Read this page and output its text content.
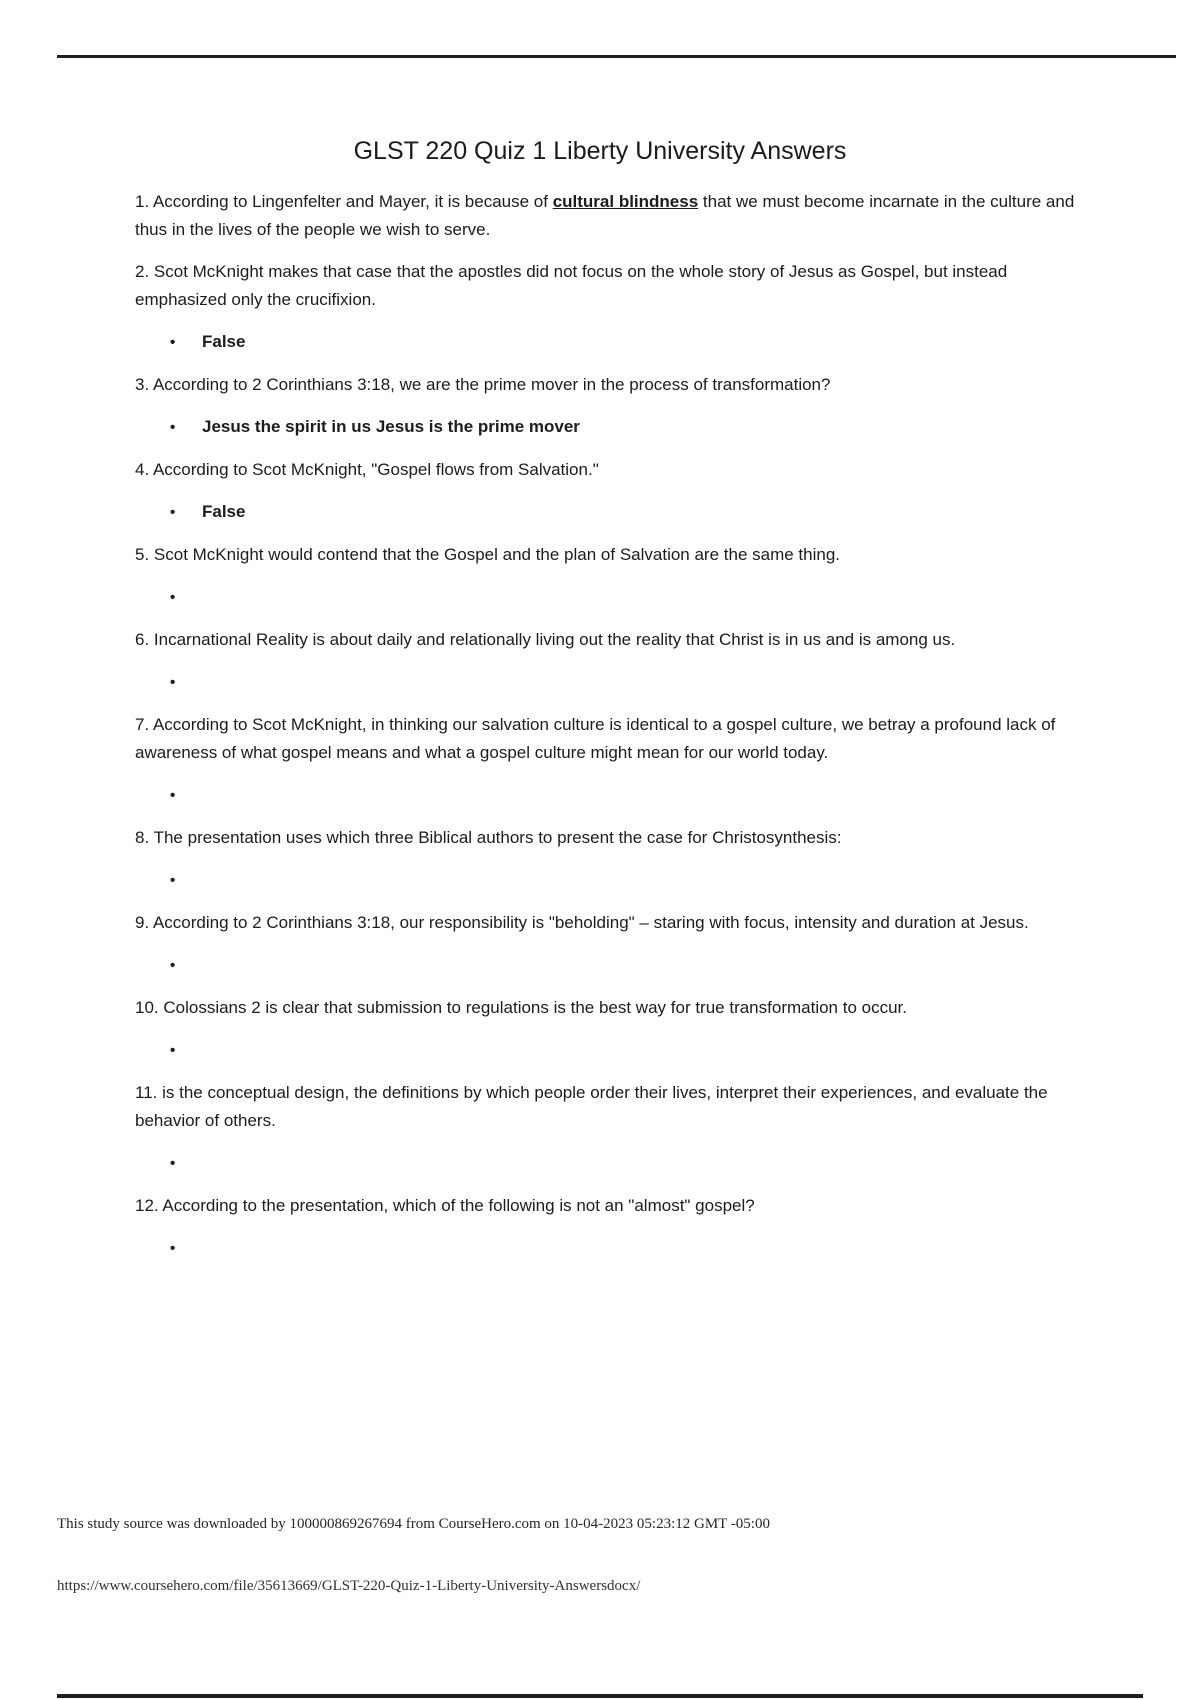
GLST 220 Quiz 1 Liberty University Answers

1. According to Lingenfelter and Mayer, it is because of cultural blindness that we must become incarnate in the culture and thus in the lives of the people we wish to serve.

2. Scot McKnight makes that case that the apostles did not focus on the whole story of Jesus as Gospel, but instead emphasized only the crucifixion.

• False

3. According to 2 Corinthians 3:18, we are the prime mover in the process of transformation?

• Jesus the spirit in us Jesus is the prime mover

4. According to Scot McKnight, "Gospel flows from Salvation."

• False

5. Scot McKnight would contend that the Gospel and the plan of Salvation are the same thing.

•

6. Incarnational Reality is about daily and relationally living out the reality that Christ is in us and is among us.

•

7. According to Scot McKnight, in thinking our salvation culture is identical to a gospel culture, we betray a profound lack of awareness of what gospel means and what a gospel culture might mean for our world today.

•

8. The presentation uses which three Biblical authors to present the case for Christosynthesis:

•

9. According to 2 Corinthians 3:18, our responsibility is "beholding" – staring with focus, intensity and duration at Jesus.

•

10. Colossians 2 is clear that submission to regulations is the best way for true transformation to occur.

•

11. is the conceptual design, the definitions by which people order their lives, interpret their experiences, and evaluate the behavior of others.

•

12. According to the presentation, which of the following is not an "almost" gospel?

•

This study source was downloaded by 100000869267694 from CourseHero.com on 10-04-2023 05:23:12 GMT -05:00

https://www.coursehero.com/file/35613669/GLST-220-Quiz-1-Liberty-University-Answersdocx/
